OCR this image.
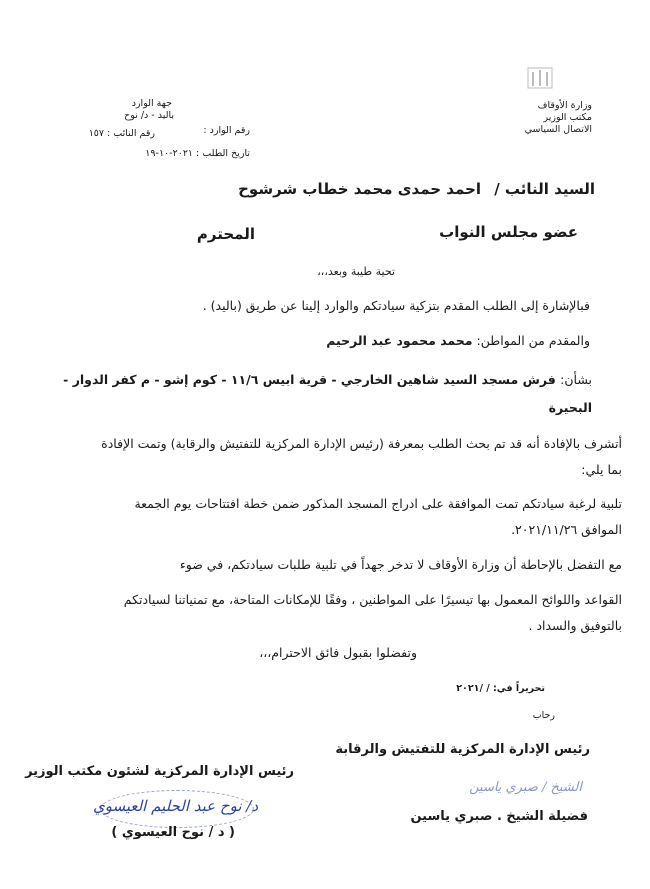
وزارة الأوقاف
مكتب الوزير
الاتصال السياسي
جهة الوارد
باليد - د/ نوح
رقم الوارد :
رقم النائب : ١٥٧
تاريخ الطلب : ٢٠٢١-١٠-١٩
السيد النائب / احمد حمدى محمد خطاب شرشوح
عضو مجلس النواب
المحترم
تحية طيبة وبعد،،،
فبالإشارة إلى الطلب المقدم بتزكية سيادتكم والوارد إلينا عن طريق (باليد) .
والمقدم من المواطن: محمد محمود عبد الرحيم
بشأن: فرش مسجد السيد شاهين الخارجي - قرية ابيس ١١/٦ - كوم إشو - م كفر الدوار -
البحيرة
أتشرف بالإفادة أنه قد تم بحث الطلب بمعرفة (رئيس الإدارة المركزية للتفتيش والرقابة) وتمت الإفادة
بما يلي:
تلبية لرغبة سيادتكم تمت الموافقة على ادراج المسجد المذكور ضمن خطة افتتاحات يوم الجمعة
الموافق ٢٠٢١/١١/٢٦.
مع التفضل بالإحاطة أن وزارة الأوقاف لا تدخر جهداً في تلبية طلبات سيادتكم، في ضوء
القواعد واللوائح المعمول بها تيسيرًا على المواطنين ، وفقًا للإمكانات المتاحة، مع تمنياتنا لسيادتكم
بالتوفيق والسداد .
وتفضلوا بقبول فائق الاحترام،،،
تحريراً في: / /٢٠٢١
رحاب
رئيس الإدارة المركزية للتفتيش والرقابة
الشيخ / صبري ياسين
فضيلة الشيخ . صبري ياسين
رئيس الإدارة المركزية لشئون مكتب الوزير
د/ نوح عبد الحليم العيسوي
( د / نوح العيسوي )
